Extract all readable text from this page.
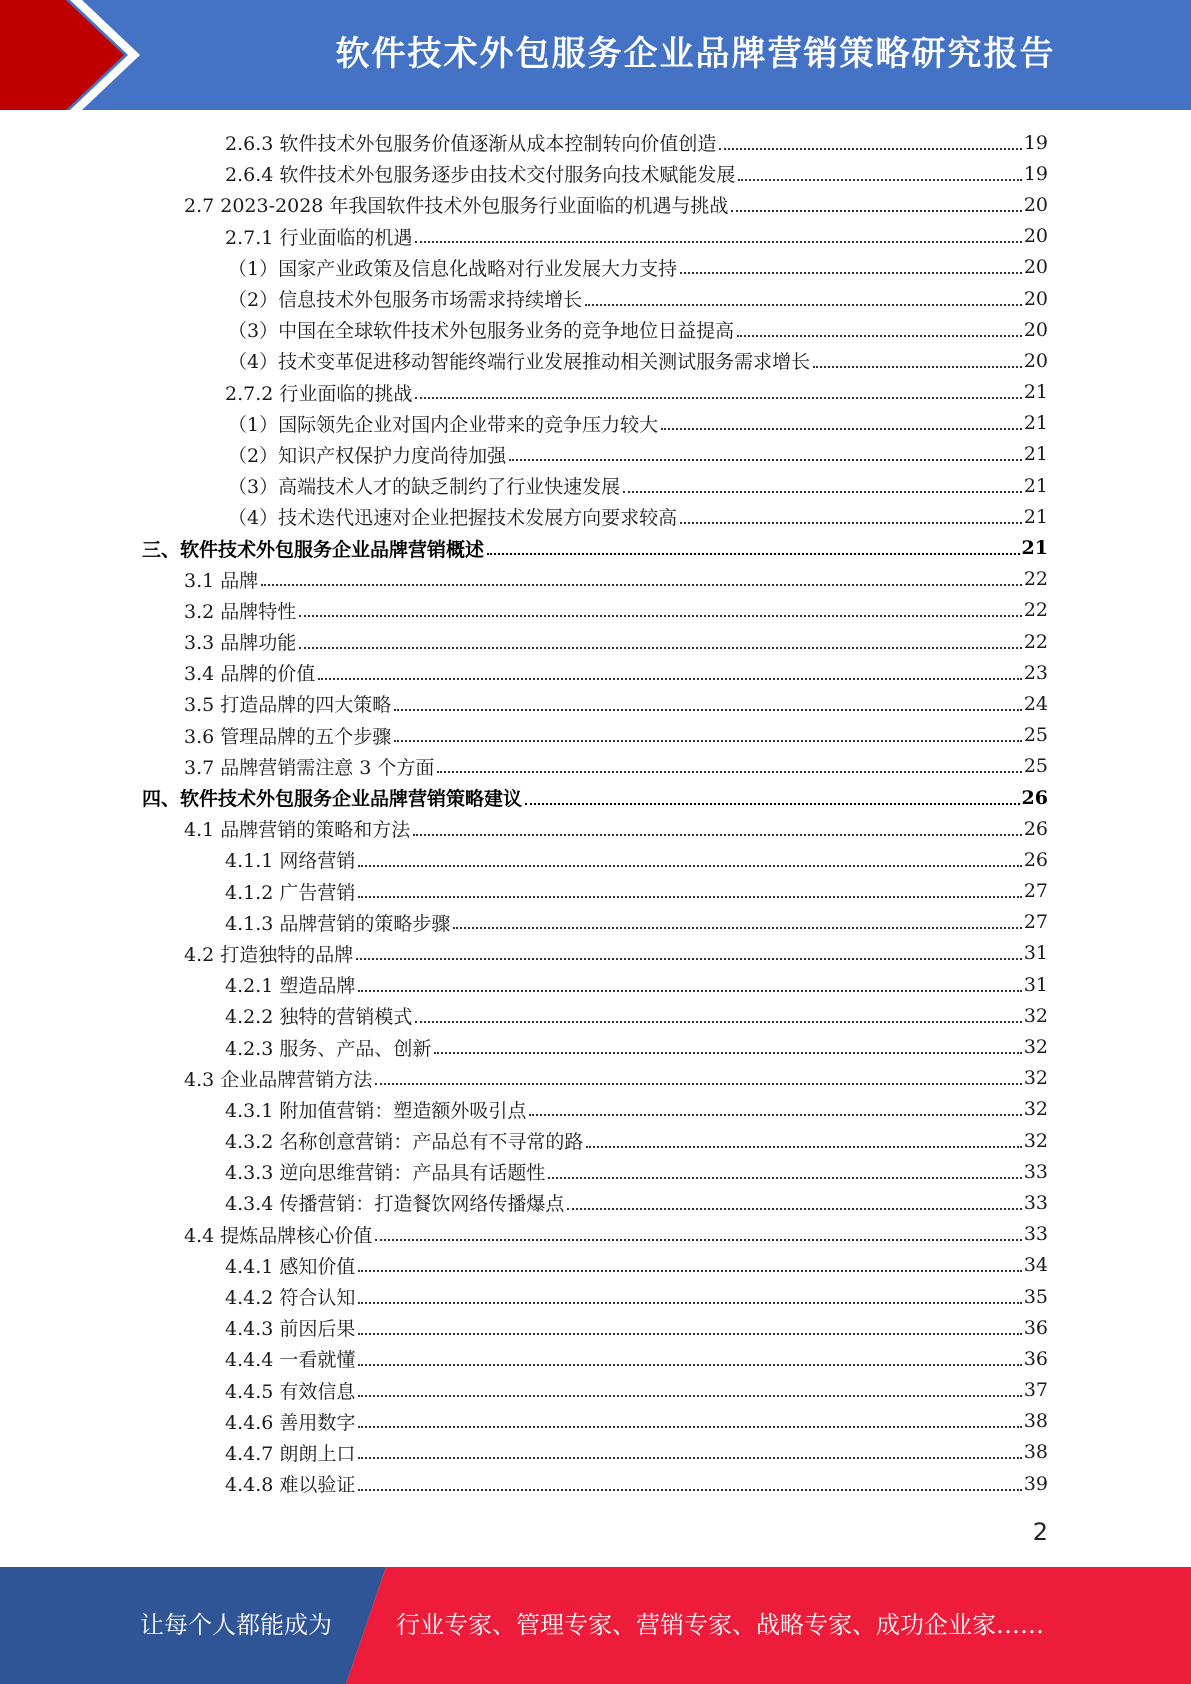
软件技术外包服务企业品牌营销策略研究报告
2.6.3 软件技术外包服务价值逐渐从成本控制转向价值创造	19
2.6.4 软件技术外包服务逐步由技术交付服务向技术赋能发展	19
2.7 2023-2028 年我国软件技术外包服务行业面临的机遇与挑战	20
2.7.1 行业面临的机遇	20
（1）国家产业政策及信息化战略对行业发展大力支持	20
（2）信息技术外包服务市场需求持续增长	20
（3）中国在全球软件技术外包服务业务的竞争地位日益提高	20
（4）技术变革促进移动智能终端行业发展推动相关测试服务需求增长	20
2.7.2 行业面临的挑战	21
（1）国际领先企业对国内企业带来的竞争压力较大	21
（2）知识产权保护力度尚待加强	21
（3）高端技术人才的缺乏制约了行业快速发展	21
（4）技术迭代迅速对企业把握技术发展方向要求较高	21
三、软件技术外包服务企业品牌营销概述	21
3.1 品牌	22
3.2 品牌特性	22
3.3 品牌功能	22
3.4 品牌的价值	23
3.5 打造品牌的四大策略	24
3.6 管理品牌的五个步骤	25
3.7 品牌营销需注意 3 个方面	25
四、软件技术外包服务企业品牌营销策略建议	26
4.1 品牌营销的策略和方法	26
4.1.1 网络营销	26
4.1.2 广告营销	27
4.1.3 品牌营销的策略步骤	27
4.2 打造独特的品牌	31
4.2.1 塑造品牌	31
4.2.2 独特的营销模式	32
4.2.3 服务、产品、创新	32
4.3 企业品牌营销方法	32
4.3.1 附加值营销：塑造额外吸引点	32
4.3.2 名称创意营销：产品总有不寻常的路	32
4.3.3 逆向思维营销：产品具有话题性	33
4.3.4 传播营销：打造餐饮网络传播爆点	33
4.4 提炼品牌核心价值	33
4.4.1 感知价值	34
4.4.2 符合认知	35
4.4.3 前因后果	36
4.4.4 一看就懂	36
4.4.5 有效信息	37
4.4.6 善用数字	38
4.4.7 朗朗上口	38
4.4.8 难以验证	39
2
让每个人都能成为	行业专家、管理专家、营销专家、战略专家、成功企业家……
